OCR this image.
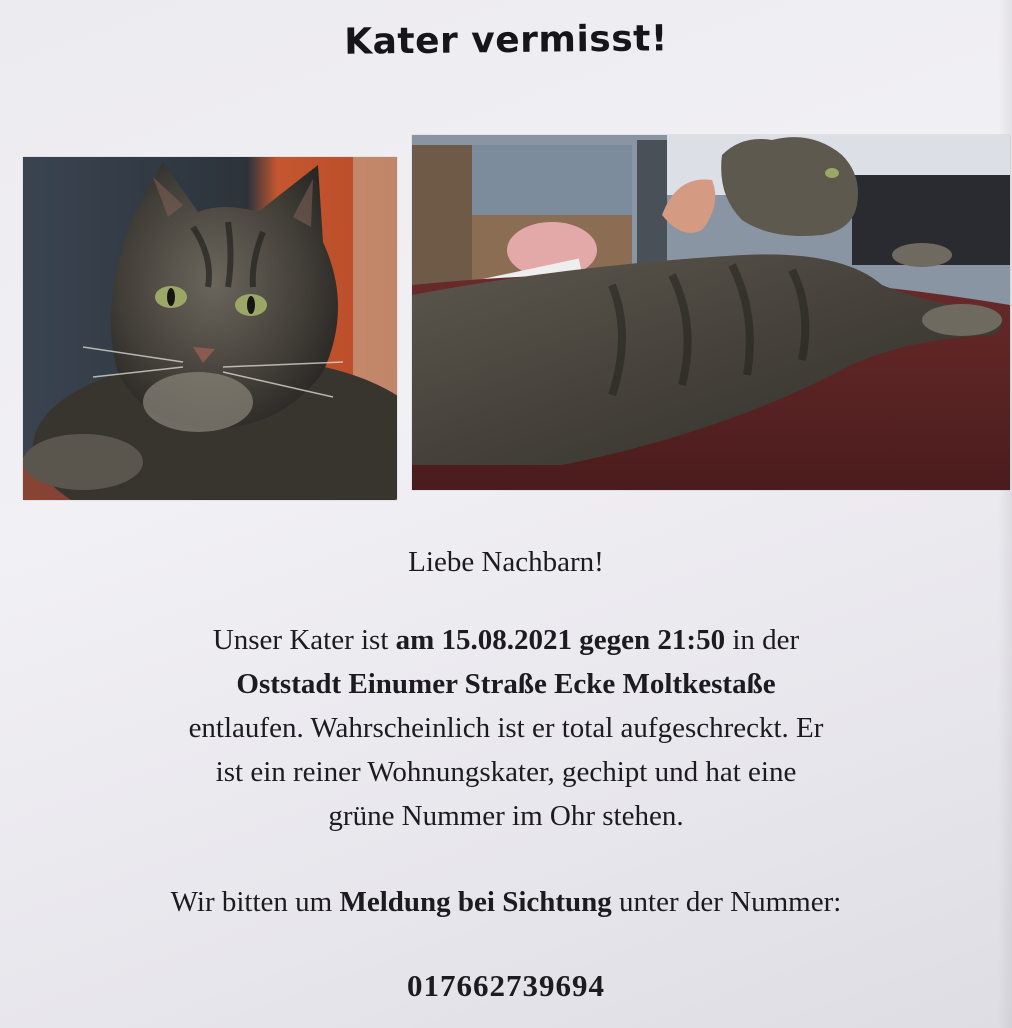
Kater vermisst!
Liebe Nachbarn!
Unser Kater ist am 15.08.2021 gegen 21:50 in der
Oststadt Einumer Straße Ecke Moltkestaße
entlaufen. Wahrscheinlich ist er total aufgeschreckt. Er
ist ein reiner Wohnungskater, gechipt und hat eine
grüne Nummer im Ohr stehen.
Wir bitten um Meldung bei Sichtung unter der Nummer:
017662739694
